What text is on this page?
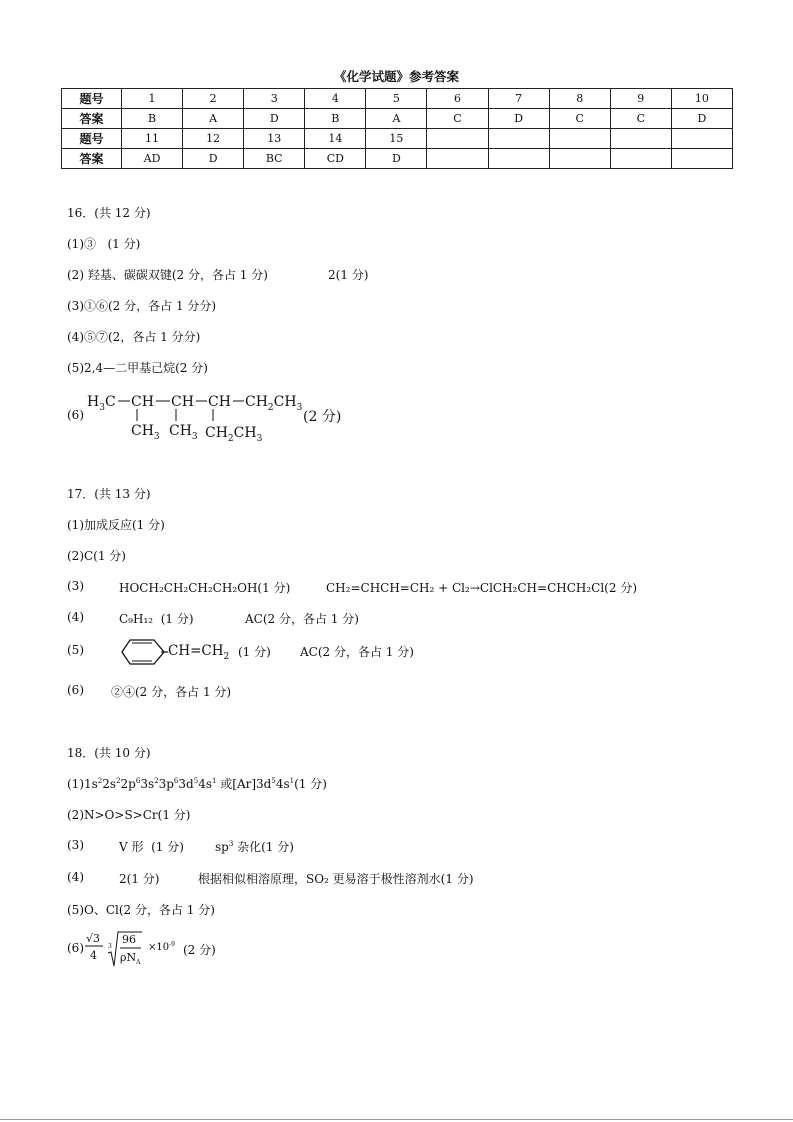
《化学试题》参考答案
题号	1	2	3	4	5	6	7	8	9	10
答案	B	A	D	B	A	C	D	C	C	D
题号	11	12	13	14	15					
答案	AD	D	BC	CD	D					
16．(共 12 分)
(1)③   (1 分)
(2) 羟基、碳碳双键(2 分，各占 1 分)	2(1 分)
(3)①⑥(2 分，各占 1 分分)
(4)⑤⑦(2，各占 1 分分)
(5)2,4—二甲基己烷(2 分)
(6)
$H_3C$ CH CH CH $CH_2CH_3$
$CH_3$ $CH_3$ $CH_2CH_3$
(2 分)
17．(共 13 分)
(1)加成反应(1 分)
(2)C(1 分)
(3)	HOCH₂CH₂CH₂CH₂OH(1 分)	CH₂=CHCH=CH₂ + Cl₂→ClCH₂CH=CHCH₂Cl(2 分)
(4)	C₉H₁₂  (1 分)	AC(2 分，各占 1 分)
(5)	$CH=CH_2$ (1 分) AC(2 分，各占 1 分)
(6) ②④(2 分，各占 1 分)
18．(共 10 分)
$(1)1s^22s^22p^63s^23p^63d^54s^1$ 或$[Ar]3d^54s^1(1$ 分)
(2)N>O>S>Cr(1 分)
(3)	V 形  (1 分)	$sp^3$ 杂化(1 分)
(4)	2(1 分)	根据相似相溶原理，SO₂ 更易溶于极性溶剂水(1 分)
(5)O、Cl(2 分，各占 1 分)
(6)
√3
4
3
96
$\rho N_A$
$\times 10^{-9}$ (2 分)
